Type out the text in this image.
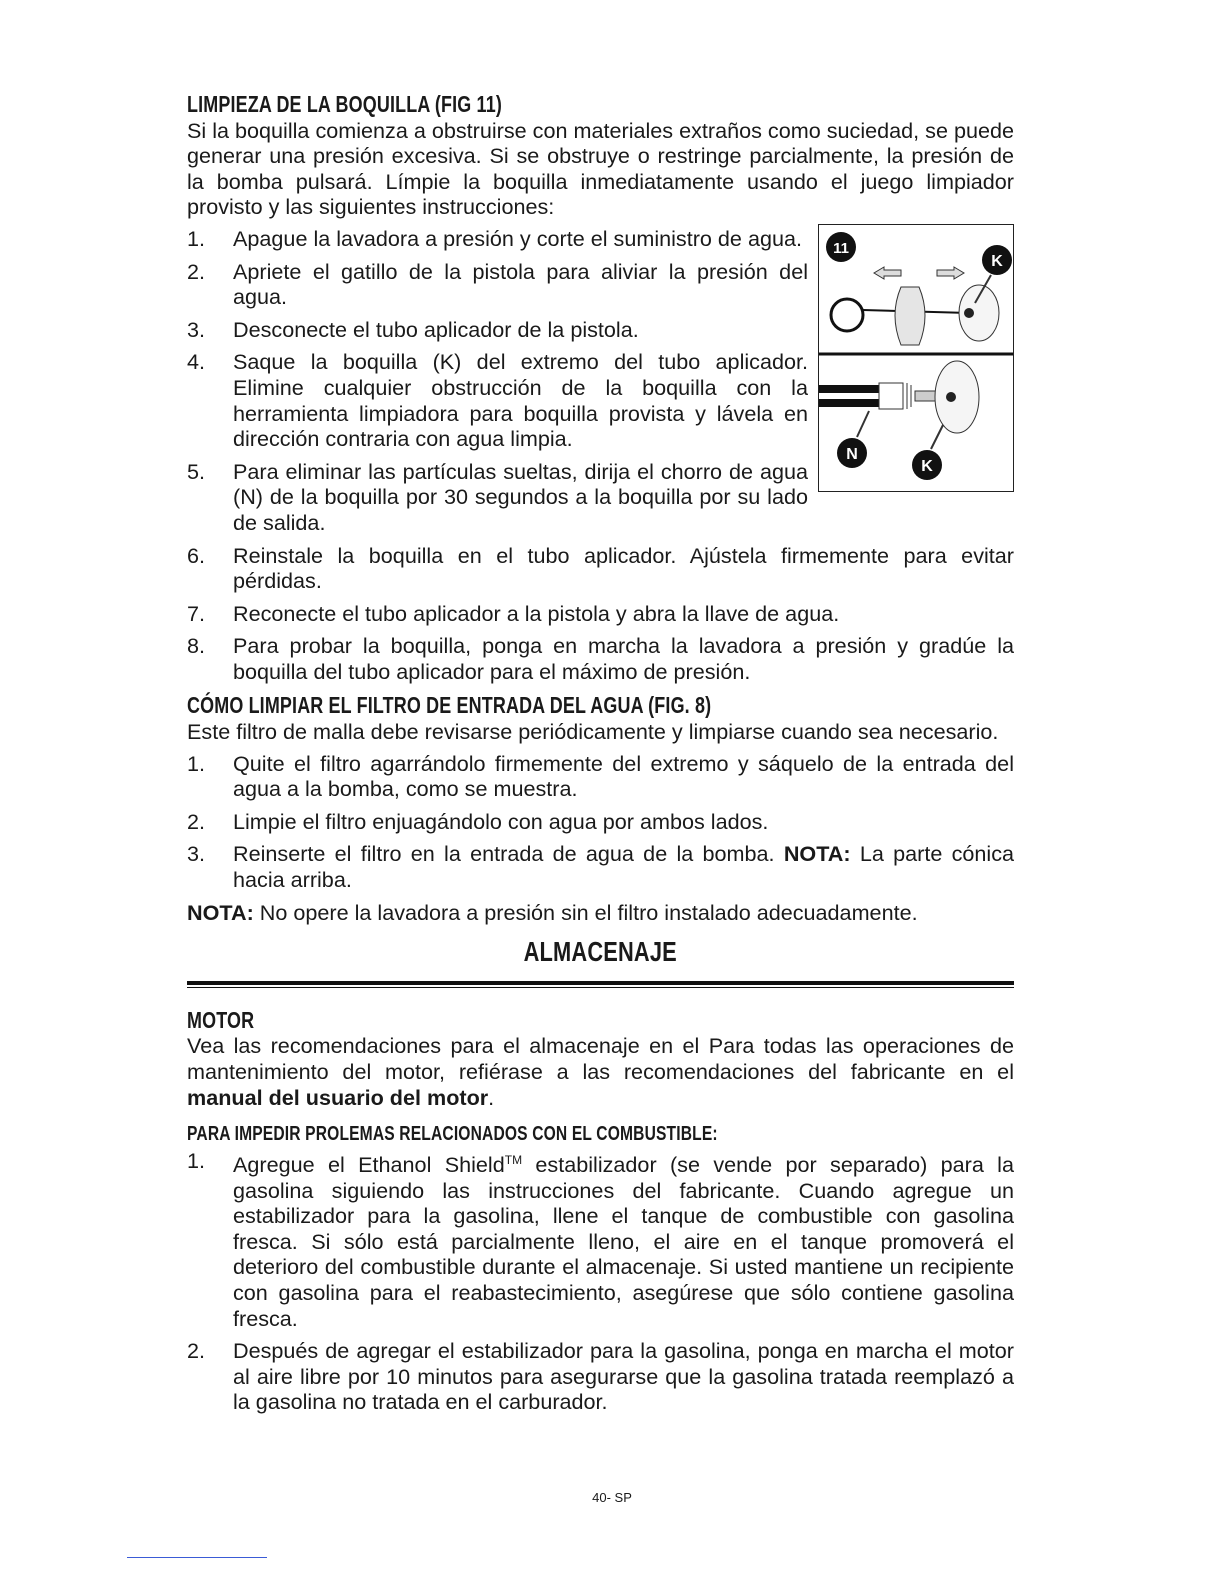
LIMPIEZA DE LA BOQUILLA (FIG 11)

Si la boquilla comienza a obstruirse con materiales extraños como suciedad, se puede generar una presión excesiva. Si se obstruye o restringe parcialmente, la presión de la bomba pulsará. Límpie la boquilla inmediatamente usando el juego limpiador provisto y las siguientes instrucciones:

11
K
N
K
1. Apague la lavadora a presión y corte el suministro de agua.
2. Apriete el gatillo de la pistola para aliviar la presión del agua.
3. Desconecte el tubo aplicador de la pistola.
4. Saque la boquilla (K) del extremo del tubo aplicador. Elimine cualquier obstrucción de la boquilla con la herramienta limpiadora para boquilla provista y lávela en dirección contraria con agua limpia.
5. Para eliminar las partículas sueltas, dirija el chorro de agua (N) de la boquilla por 30 segundos a la boquilla por su lado de salida.
6. Reinstale la boquilla en el tubo aplicador. Ajústela firmemente para evitar pérdidas.
7. Reconecte el tubo aplicador a la pistola y abra la llave de agua.
8. Para probar la boquilla, ponga en marcha la lavadora a presión y gradúe la boquilla del tubo aplicador para el máximo de presión.
CÓMO LIMPIAR EL FILTRO DE ENTRADA DEL AGUA (FIG. 8)

Este filtro de malla debe revisarse periódicamente y limpiarse cuando sea necesario.

1. Quite el filtro agarrándolo firmemente del extremo y sáquelo de la entrada del agua a la bomba, como se muestra.
2. Limpie el filtro enjuagándolo con agua por ambos lados.
3. Reinserte el filtro en la entrada de agua de la bomba. NOTA: La parte cónica hacia arriba.

NOTA: No opere la lavadora a presión sin el filtro instalado adecuadamente.

ALMACENAJE
MOTOR

Vea las recomendaciones para el almacenaje en el Para todas las operaciones de mantenimiento del motor, refiérase a las recomendaciones del fabricante en el manual del usuario del motor.

PARA IMPEDIR PROLEMAS RELACIONADOS CON EL COMBUSTIBLE:
1. Agregue el Ethanol Shield™ estabilizador (se vende por separado) para la gasolina siguiendo las instrucciones del fabricante. Cuando agregue un estabilizador para la gasolina, llene el tanque de combustible con gasolina fresca. Si sólo está parcialmente lleno, el aire en el tanque promoverá el deterioro del combustible durante el almacenaje. Si usted mantiene un recipiente con gasolina para el reabastecimiento, asegúrese que sólo contiene gasolina fresca.
2. Después de agregar el estabilizador para la gasolina, ponga en marcha el motor al aire libre por 10 minutos para asegurarse que la gasolina tratada reemplazó a la gasolina no tratada en el carburador.
40- SP
